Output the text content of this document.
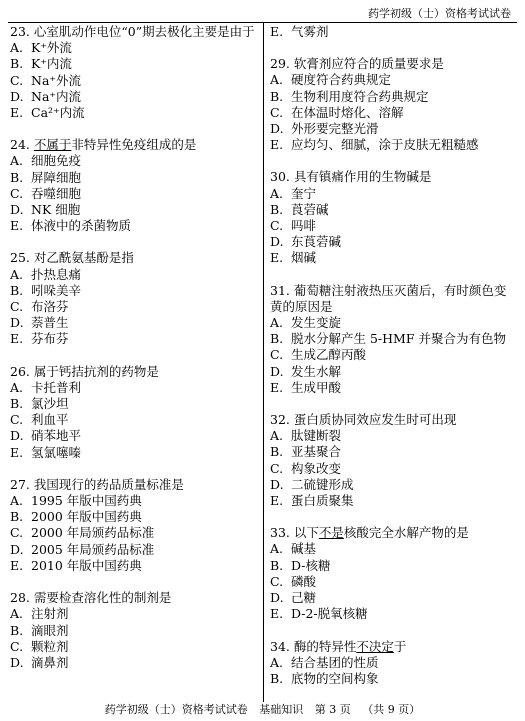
药学初级（士）资格考试试卷
23. 心室肌动作电位“0”期去极化主要是由于
A. K⁺外流
B. K⁺内流
C. Na⁺外流
D. Na⁺内流
E. Ca²⁺内流
24. 不属于非特异性免疫组成的是
A. 细胞免疫
B. 屏障细胞
C. 吞噬细胞
D. NK 细胞
E. 体液中的杀菌物质
25. 对乙酰氨基酚是指
A. 扑热息痛
B. 吲哚美辛
C. 布洛芬
D. 萘普生
E. 芬布芬
26. 属于钙拮抗剂的药物是
A. 卡托普利
B. 氯沙坦
C. 利血平
D. 硝苯地平
E. 氢氯噻嗪
27. 我国现行的药品质量标准是
A. 1995 年版中国药典
B. 2000 年版中国药典
C. 2000 年局颁药品标准
D. 2005 年局颁药品标准
E. 2010 年版中国药典
28. 需要检查溶化性的制剂是
A. 注射剂
B. 滴眼剂
C. 颗粒剂
D. 滴鼻剂
E. 气雾剂
29. 软膏剂应符合的质量要求是
A. 硬度符合药典规定
B. 生物利用度符合药典规定
C. 在体温时熔化、溶解
D. 外形要完整光滑
E. 应均匀、细腻，涂于皮肤无粗糙感
30. 具有镇痛作用的生物碱是
A. 奎宁
B. 莨菪碱
C. 吗啡
D. 东莨菪碱
E. 烟碱
31. 葡萄糖注射液热压灭菌后，有时颜色变黄的原因是
A. 发生变旋
B. 脱水分解产生 5-HMF 并聚合为有色物
C. 生成乙醇丙酸
D. 发生水解
E. 生成甲酸
32. 蛋白质协同效应发生时可出现
A. 肽键断裂
B. 亚基聚合
C. 构象改变
D. 二硫键形成
E. 蛋白质聚集
33. 以下不是核酸完全水解产物的是
A. 碱基
B. D-核糖
C. 磷酸
D. 己糖
E. D-2-脱氧核糖
34. 酶的特异性不决定于
A. 结合基团的性质
B. 底物的空间构象
药学初级（士）资格考试试卷 基础知识 第 3 页 （共 9 页）
